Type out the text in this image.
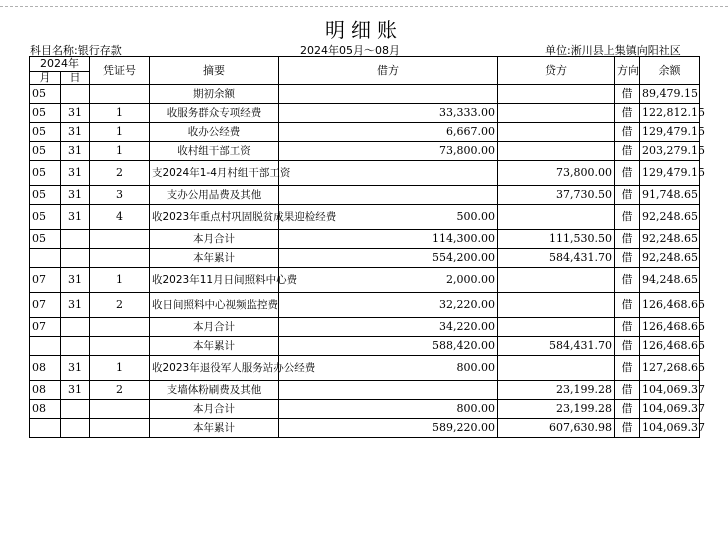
明细账
科目名称:银行存款	2024年05月～08月	单位:淅川县上集镇向阳社区
2024年		凭证号	摘要	借方	贷方	方向	余额
月	日						
05			期初余额			借	89,479.15
05	31	1	收服务群众专项经费	33,333.00		借	122,812.15
05	31	1	收办公经费	6,667.00		借	129,479.15
05	31	1	收村组干部工资	73,800.00		借	203,279.15
05	31	2	支2024年1-4月村组干部工资		73,800.00	借	129,479.15
05	31	3	支办公用品费及其他		37,730.50	借	91,748.65
05	31	4	收2023年重点村巩固脱贫成果迎检经费	500.00		借	92,248.65
05			本月合计	114,300.00	111,530.50	借	92,248.65
			本年累计	554,200.00	584,431.70	借	92,248.65
07	31	1	收2023年11月日间照料中心费	2,000.00		借	94,248.65
07	31	2	收日间照料中心视频监控费	32,220.00		借	126,468.65
07			本月合计	34,220.00		借	126,468.65
			本年累计	588,420.00	584,431.70	借	126,468.65
08	31	1	收2023年退役军人服务站办公经费	800.00		借	127,268.65
08	31	2	支墙体粉刷费及其他		23,199.28	借	104,069.37
08			本月合计	800.00	23,199.28	借	104,069.37
			本年累计	589,220.00	607,630.98	借	104,069.37
